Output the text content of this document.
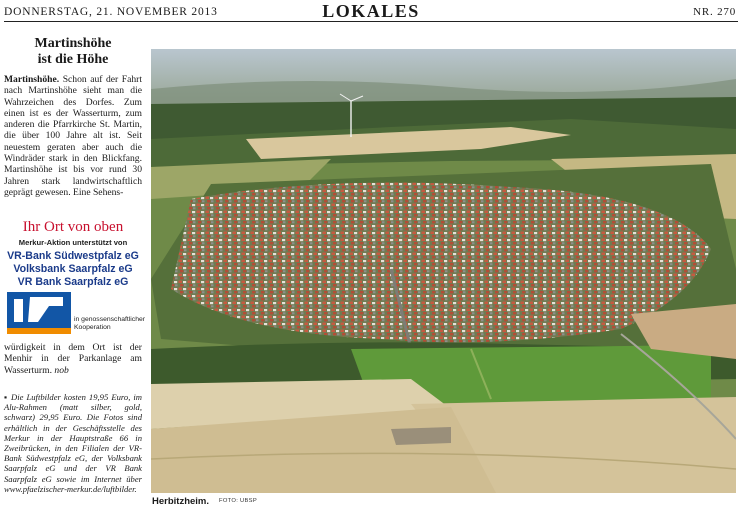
DONNERSTAG, 21. NOVEMBER 2013	LOKALES	NR. 270
Martinshöhe
ist die Höhe

Martinshöhe. Schon auf der Fahrt nach Martinshöhe sieht man die Wahrzeichen des Dorfes. Zum einen ist es der Wasserturm, zum anderen die Pfarrkirche St. Martin, die über 100 Jahre alt ist. Seit neuestem geraten aber auch die Windräder stark in den Blickfang. Martinshöhe ist bis vor rund 30 Jahren stark landwirtschaftlich geprägt gewesen. Eine Sehens-

Ihr Ort von oben
Merkur-Aktion unterstützt von
VR-Bank Südwestpfalz eG
Volksbank Saarpfalz eG
VR Bank Saarpfalz eG
in genossenschaftlicher Kooperation

würdigkeit in dem Ort ist der Menhir in der Parkanlage am Wasserturm. nob

▪ Die Luftbilder kosten 19,95 Euro, im Alu-Rahmen (matt silber, gold, schwarz) 29,95 Euro. Die Fotos sind erhältlich in der Geschäftsstelle des Merkur in der Hauptstraße 66 in Zweibrücken, in den Filialen der VR-Bank Südwestpfalz eG, der Volksbank Saarpfalz eG und der VR Bank Saarpfalz eG sowie im Internet über www.pfaelzischer-merkur.de/luftbilder.

Herbitzheim. FOTO: UBSP
